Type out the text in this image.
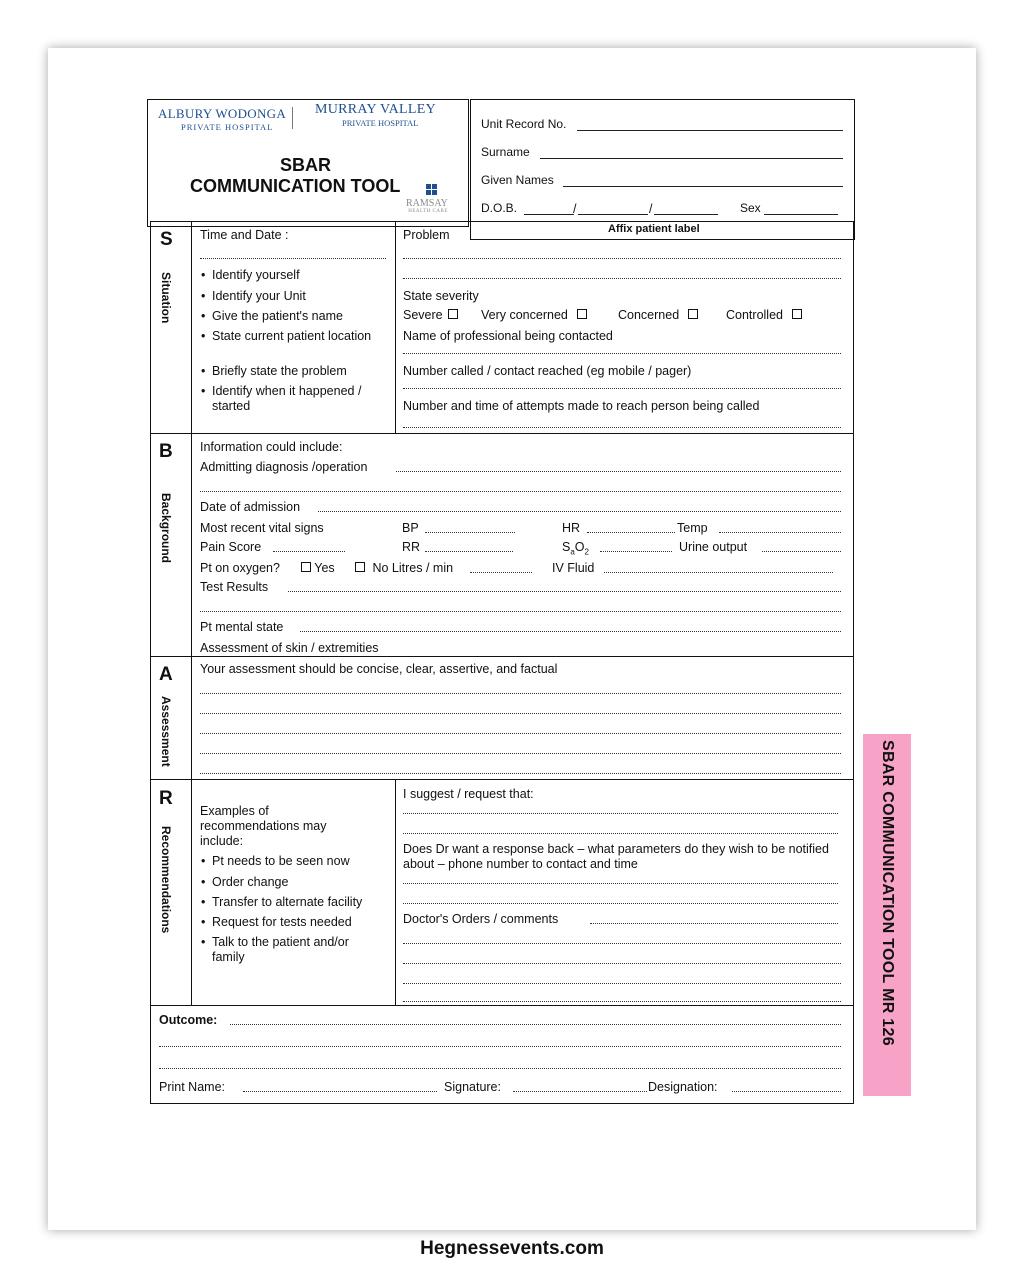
ALBURY WODONGA
PRIVATE HOSPITAL
MURRAY VALLEY
PRIVATE HOSPITAL
SBAR
COMMUNICATION TOOL
RAMSAY
HEALTH CARE
Unit Record No.
Surname
Given Names
D.O.B.	/	/	Sex
Affix patient label
S
Situation
Time and Date :	Problem
• Identify yourself
• Identify your Unit
• Give the patient's name
• State current patient location
• Briefly state the problem
• Identify when it happened / started
State severity
Severe	Very concerned	Concerned	Controlled
Name of professional being contacted
Number called / contact reached (eg mobile / pager)
Number and time of attempts made to reach person being called
B
Background
Information could include:
Admitting diagnosis /operation
Date of admission
Most recent vital signs	BP	HR	Temp
Pain Score	RR	$S_aO_2$	Urine output
Pt on oxygen?	Yes	No Litres / min	IV Fluid
Test Results
Pt mental state
Assessment of skin / extremities
A
Assessment
Your assessment should be concise, clear, assertive, and factual
R
Recommendations
Examples of recommendations may include:
• Pt needs to be seen now
• Order change
• Transfer to alternate facility
• Request for tests needed
• Talk to the patient and/or family
I suggest / request that:
Does Dr want a response back – what parameters do they wish to be notified about – phone number to contact and time
Doctor's Orders / comments
Outcome:
Print Name:	Signature:	Designation:
SBAR COMMUNICATION TOOL MR 126
Hegnessevents.com
